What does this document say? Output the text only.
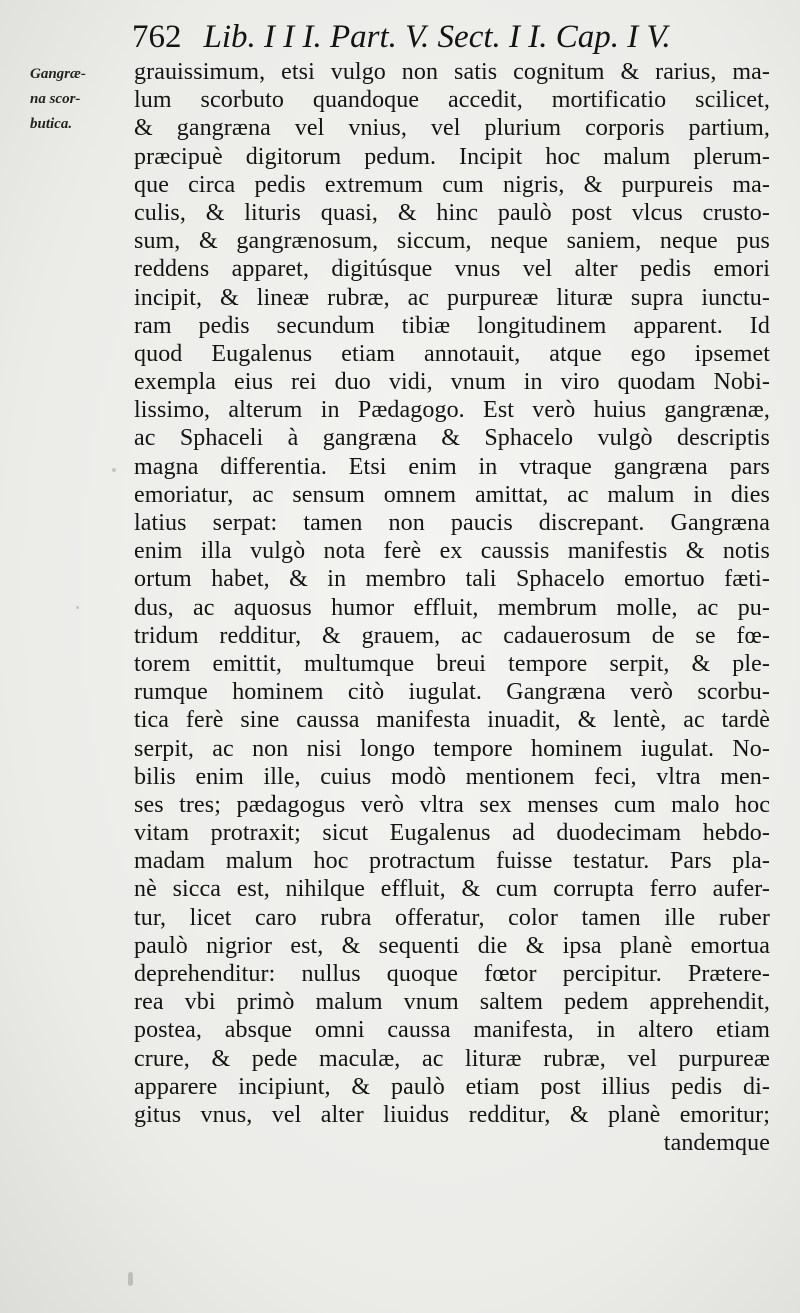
762 Lib. I I I. Part. V. Sect. I I. Cap. I V.
Gangræ-
na scor-
butica.
grauissimum, etsi vulgo non satis cognitum & rarius, ma-
lum scorbuto quandoque accedit, mortificatio scilicet,
& gangræna vel vnius, vel plurium corporis partium,
præcipuè digitorum pedum. Incipit hoc malum plerum-
que circa pedis extremum cum nigris, & purpureis ma-
culis, & lituris quasi, & hinc paulò post vlcus crusto-
sum, & gangrænosum, siccum, neque saniem, neque pus
reddens apparet, digitúsque vnus vel alter pedis emori
incipit, & lineæ rubræ, ac purpureæ lituræ supra iunctu-
ram pedis secundum tibiæ longitudinem apparent. Id
quod Eugalenus etiam annotauit, atque ego ipsemet
exempla eius rei duo vidi, vnum in viro quodam Nobi-
lissimo, alterum in Pædagogo. Est verò huius gangrænæ,
ac Sphaceli à gangræna & Sphacelo vulgò descriptis
magna differentia. Etsi enim in vtraque gangræna pars
emoriatur, ac sensum omnem amittat, ac malum in dies
latius serpat: tamen non paucis discrepant. Gangræna
enim illa vulgò nota ferè ex caussis manifestis & notis
ortum habet, & in membro tali Sphacelo emortuo fæti-
dus, ac aquosus humor effluit, membrum molle, ac pu-
tridum redditur, & grauem, ac cadauerosum de se fœ-
torem emittit, multumque breui tempore serpit, & ple-
rumque hominem citò iugulat. Gangræna verò scorbu-
tica ferè sine caussa manifesta inuadit, & lentè, ac tardè
serpit, ac non nisi longo tempore hominem iugulat. No-
bilis enim ille, cuius modò mentionem feci, vltra men-
ses tres; pædagogus verò vltra sex menses cum malo hoc
vitam protraxit; sicut Eugalenus ad duodecimam hebdo-
madam malum hoc protractum fuisse testatur. Pars pla-
nè sicca est, nihilque effluit, & cum corrupta ferro aufer-
tur, licet caro rubra offeratur, color tamen ille ruber
paulò nigrior est, & sequenti die & ipsa planè emortua
deprehenditur: nullus quoque fœtor percipitur. Prætere-
rea vbi primò malum vnum saltem pedem apprehendit,
postea, absque omni caussa manifesta, in altero etiam
crure, & pede maculæ, ac lituræ rubræ, vel purpureæ
apparere incipiunt, & paulò etiam post illius pedis di-
gitus vnus, vel alter liuidus redditur, & planè emoritur;
tandemque
